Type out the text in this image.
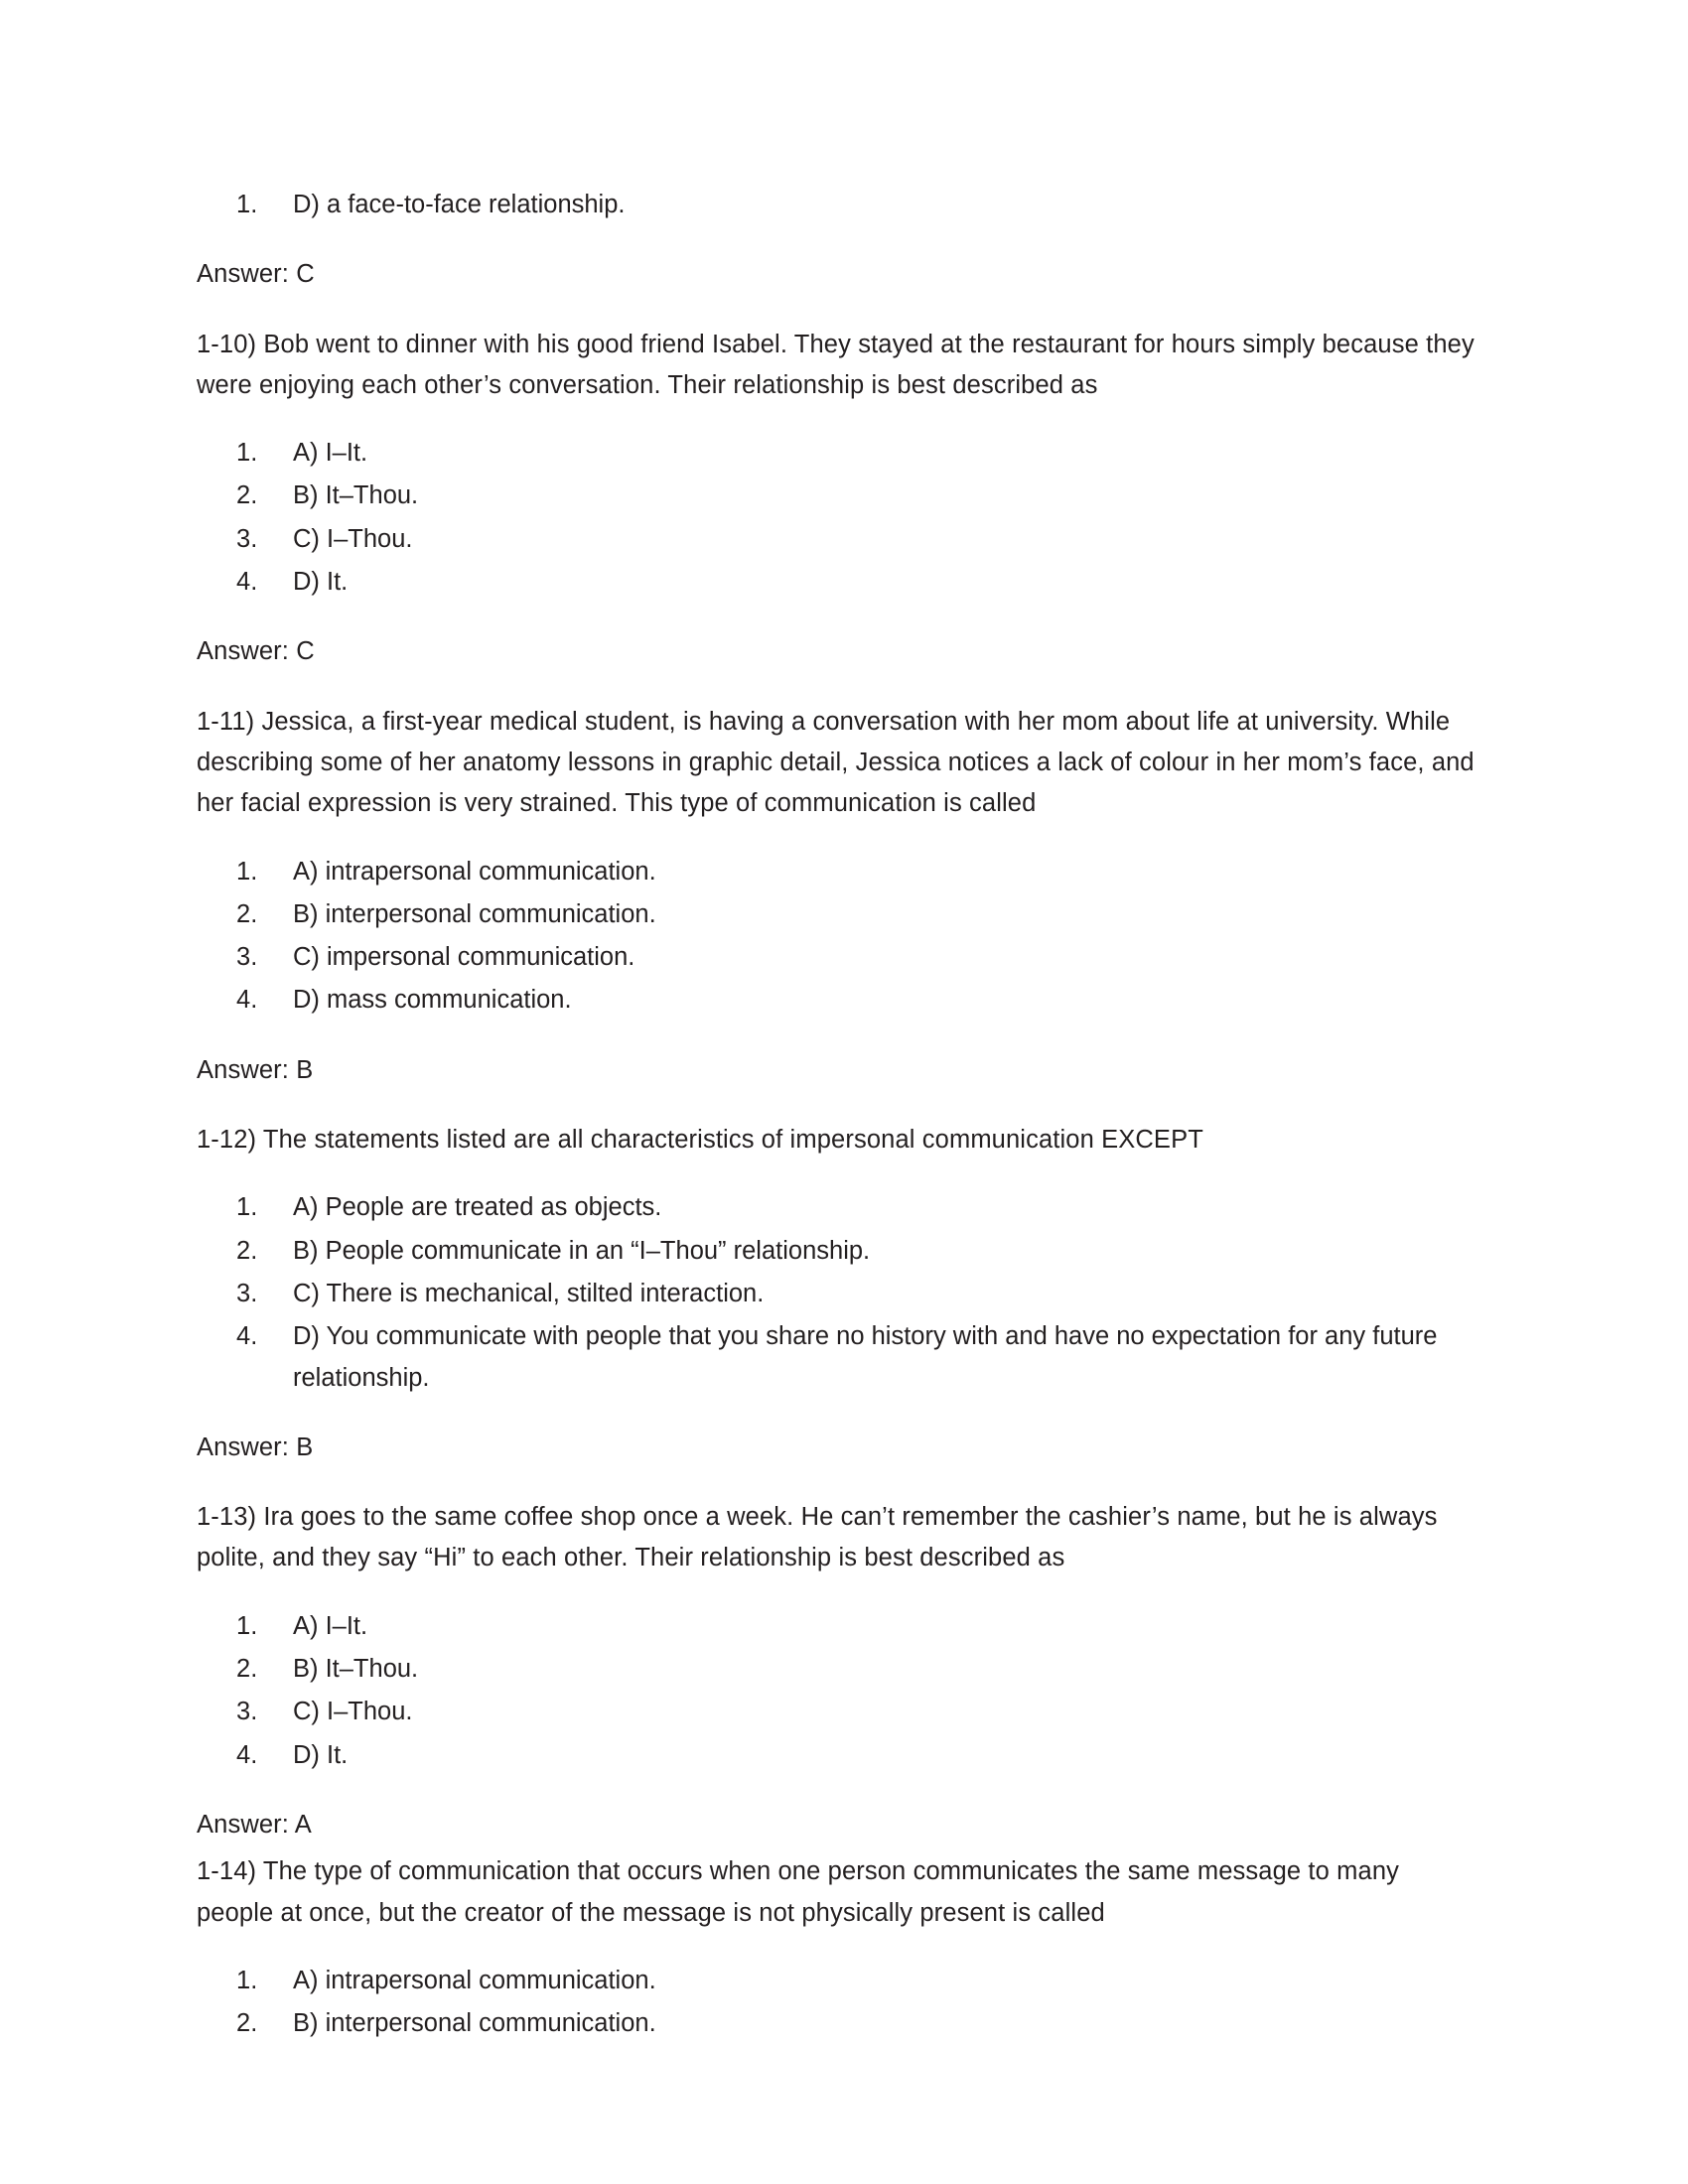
D) a face-to-face relationship.

Answer: C

1-10) Bob went to dinner with his good friend Isabel. They stayed at the restaurant for hours simply because they were enjoying each other’s conversation. Their relationship is best described as

A) I–It.
B) It–Thou.
C) I–Thou.
D) It.

Answer: C

1-11) Jessica, a first-year medical student, is having a conversation with her mom about life at university. While describing some of her anatomy lessons in graphic detail, Jessica notices a lack of colour in her mom’s face, and her facial expression is very strained. This type of communication is called

A) intrapersonal communication.
B) interpersonal communication.
C) impersonal communication.
D) mass communication.

Answer: B

1-12) The statements listed are all characteristics of impersonal communication EXCEPT

A) People are treated as objects.
B) People communicate in an “I–Thou” relationship.
C) There is mechanical, stilted interaction.
D) You communicate with people that you share no history with and have no expectation for any future relationship.

Answer: B

1-13) Ira goes to the same coffee shop once a week. He can’t remember the cashier’s name, but he is always polite, and they say “Hi” to each other. Their relationship is best described as

A) I–It.
B) It–Thou.
C) I–Thou.
D) It.

Answer: A

1-14) The type of communication that occurs when one person communicates the same message to many people at once, but the creator of the message is not physically present is called

A) intrapersonal communication.
B) interpersonal communication.
